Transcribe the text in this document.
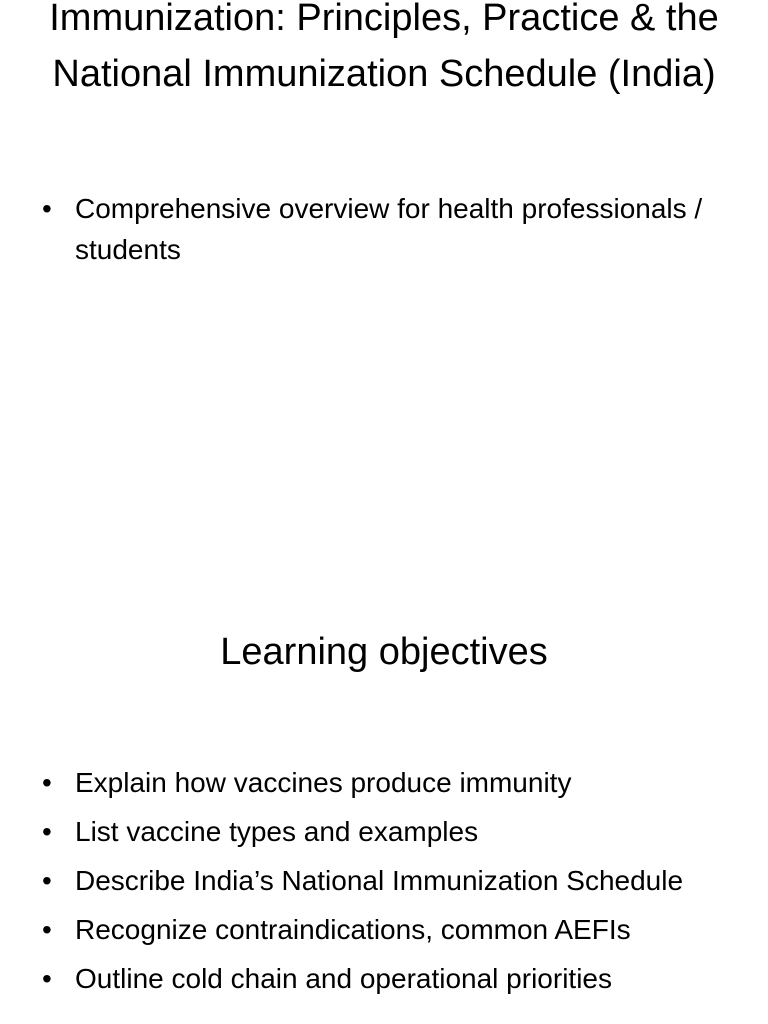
Immunization: Principles, Practice & the National Immunization Schedule (India)
• Comprehensive overview for health professionals / students
Learning objectives
• Explain how vaccines produce immunity
• List vaccine types and examples
• Describe India’s National Immunization Schedule
• Recognize contraindications, common AEFIs
• Outline cold chain and operational priorities
